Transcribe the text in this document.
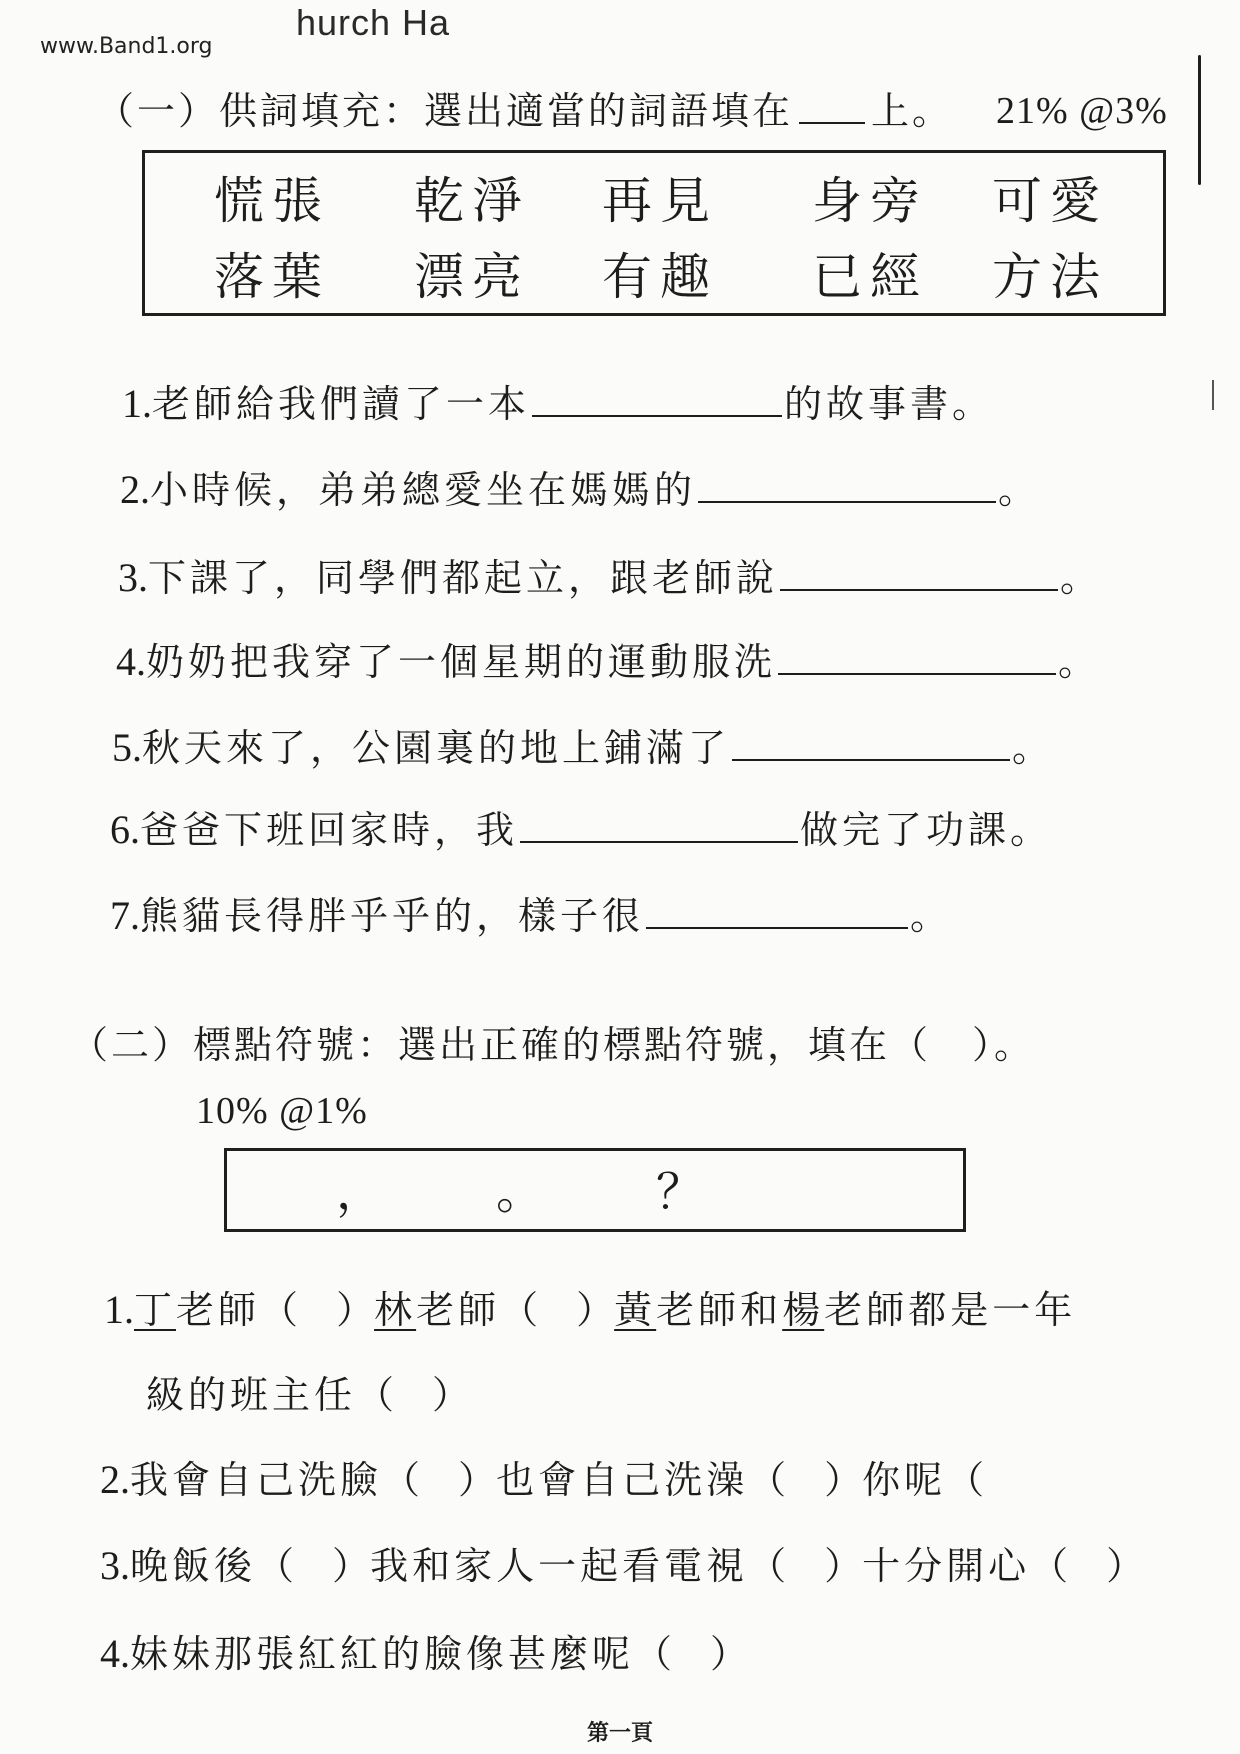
www.Band1.org
hurch Ha
（一）供詞填充：選出適當的詞語填在 上。 21% @3%
慌張 乾淨 再見 身旁 可愛
落葉 漂亮 有趣 已經 方法
1.老師給我們讀了一本	的故事書。
2.小時候，弟弟總愛坐在媽媽的	。
3.下課了，同學們都起立，跟老師說	。
4.奶奶把我穿了一個星期的運動服洗	。
5.秋天來了，公園裏的地上鋪滿了	。
6.爸爸下班回家時，我	做完了功課。
7.熊貓長得胖乎乎的，樣子很	。
（二）標點符號：選出正確的標點符號，填在（　）。
10% @1%
， 。 ？
1.丁老師（　 ）林老師（　 ）黃老師和楊老師都是一年
級的班主任（　 ）
2.我會自己洗臉（　 ）也會自己洗澡（　 ）你呢（
3.晚飯後（　 ）我和家人一起看電視（　 ）十分開心（　 ）
4.妹妹那張紅紅的臉像甚麼呢（　 ）
第一頁
